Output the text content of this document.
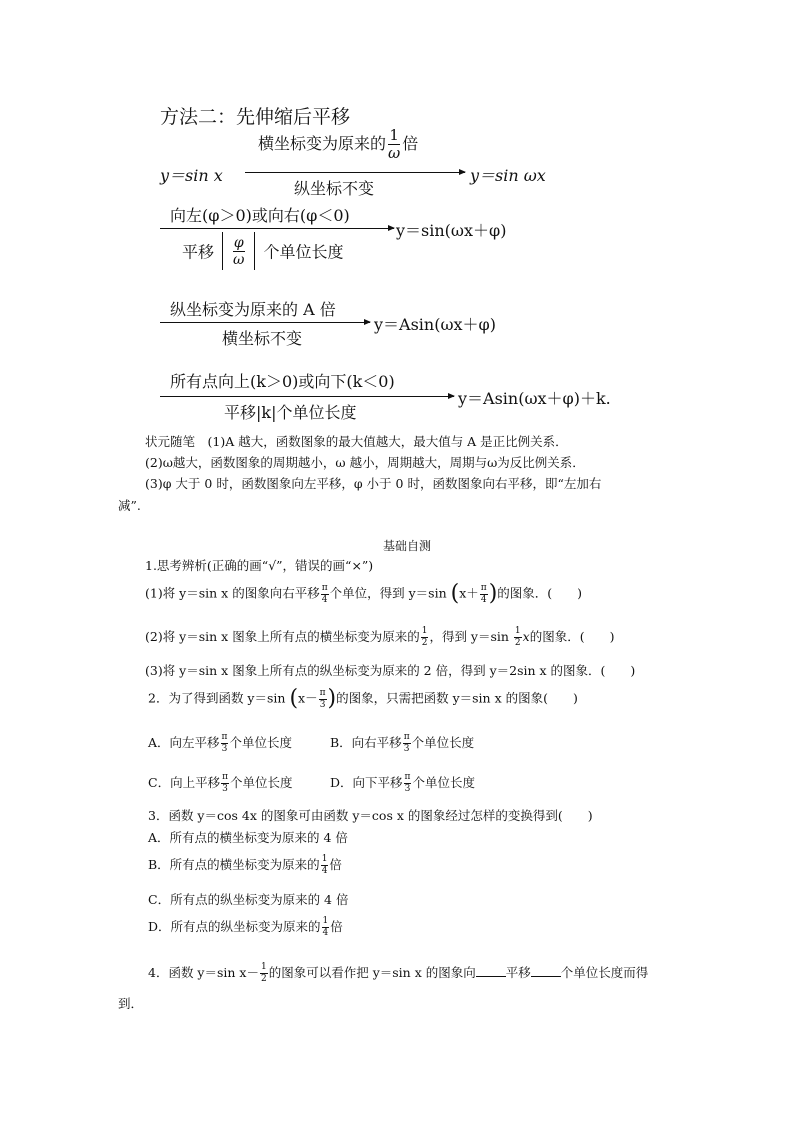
方法二：先伸缩后平移
横坐标变为原来的 $\frac{1}{\omega}$ 倍
y＝sin x
纵坐标不变
y＝sin ωx
向左(φ＞0)或向右(φ＜0)
y＝sin(ωx＋φ)
平移 $\frac{\varphi}{\omega}$ 个单位长度
纵坐标变为原来的 A 倍
y＝Asin(ωx＋φ)
横坐标不变
所有点向上(k＞0)或向下(k＜0)
y＝Asin(ωx＋φ)＋k.
平移|k|个单位长度
状元随笔　(1)A 越大，函数图象的最大值越大，最大值与 A 是正比例关系．
(2)ω越大，函数图象的周期越小，ω 越小，周期越大，周期与ω为反比例关系．
(3)φ 大于 0 时，函数图象向左平移，φ 小于 0 时，函数图象向右平移，即“左加右
减”.
基础自测
1.思考辨析(正确的画“√”，错误的画“×”)
(1)将 y＝sin x 的图象向右平移 $\frac{\pi}{4}$ 个单位，得到 y＝sin ($x+ \frac{\pi}{4}$ )的图象．(　　)
(2)将 y＝sin x 图象上所有点的横坐标变为原来的 $\frac{1}{2}$ ，得到 $y=\sin \frac{1}{2}$ x的图象．(　　)
(3)将 y＝sin x 图象上所有点的纵坐标变为原来的 2 倍，得到 y＝2sin x 的图象．(　　)
2．为了得到函数 y＝sin ($x- \frac{\pi}{3}$ )的图象，只需把函数 y＝sin x 的图象(　　)
A．向左平移 $\frac{\pi}{3}$ 个单位长度	B．向右平移 $\frac{\pi}{3}$ 个单位长度
C．向上平移 $\frac{\pi}{3}$ 个单位长度	D．向下平移 $\frac{\pi}{3}$ 个单位长度
3．函数 y＝cos 4x 的图象可由函数 y＝cos x 的图象经过怎样的变换得到(　　)
A．所有点的横坐标变为原来的 4 倍
B．所有点的横坐标变为原来的 $\frac{1}{4}$ 倍
C．所有点的纵坐标变为原来的 4 倍
D．所有点的纵坐标变为原来的 $\frac{1}{4}$ 倍
4．函数 y＝sin $x- \frac{1}{2}$ 的图象可以看作把 y＝sin x 的图象向 平移 个单位长度而得
到．
